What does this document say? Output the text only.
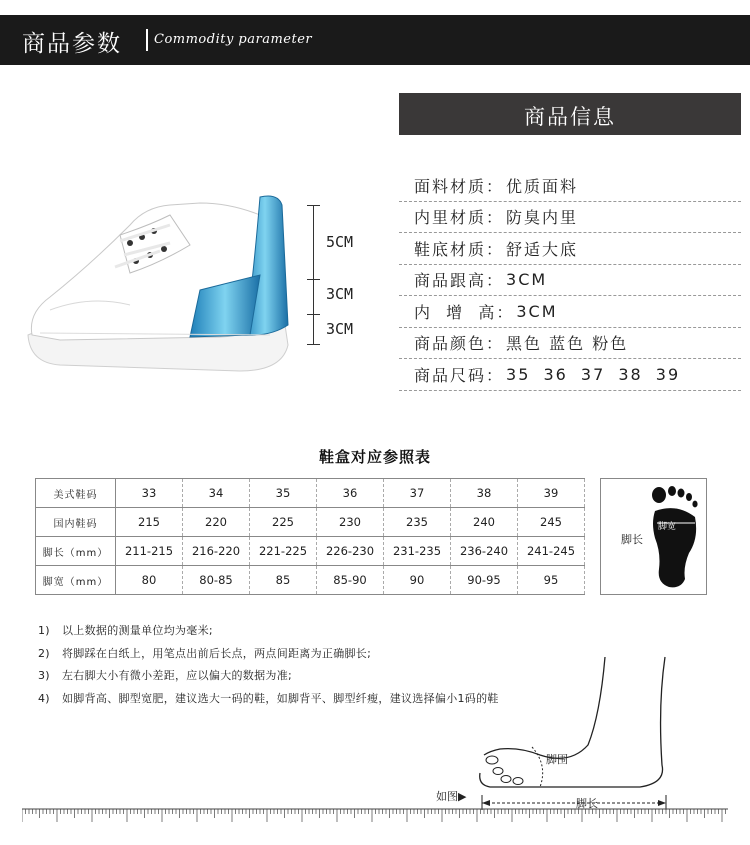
商品参数 Commodity parameter
5CM
3CM
3CM
商品信息
面料材质： 优质面料
内里材质： 防臭内里
鞋底材质： 舒适大底
商品跟高： 3CM
内  增  高： 3CM
商品颜色： 黑色 蓝色 粉色
商品尺码： 35 36 37 38 39
鞋盒对应参照表
美式鞋码	33	34	35	36	37	38	39
国内鞋码	215	220	225	230	235	240	245
脚长（mm）	211-215	216-220	221-225	226-230	231-235	236-240	241-245
脚宽（mm）	80	80-85	85	85-90	90	90-95	95
脚长
脚宽
1) 以上数据的测量单位均为毫米;
2) 将脚踩在白纸上，用笔点出前后长点，两点间距离为正确脚长;
3) 左右脚大小有微小差距，应以偏大的数据为准;
4) 如脚背高、脚型宽肥，建议选大一码的鞋，如脚背平、脚型纤瘦，建议选择偏小1码的鞋
脚围
脚长
如图▶
